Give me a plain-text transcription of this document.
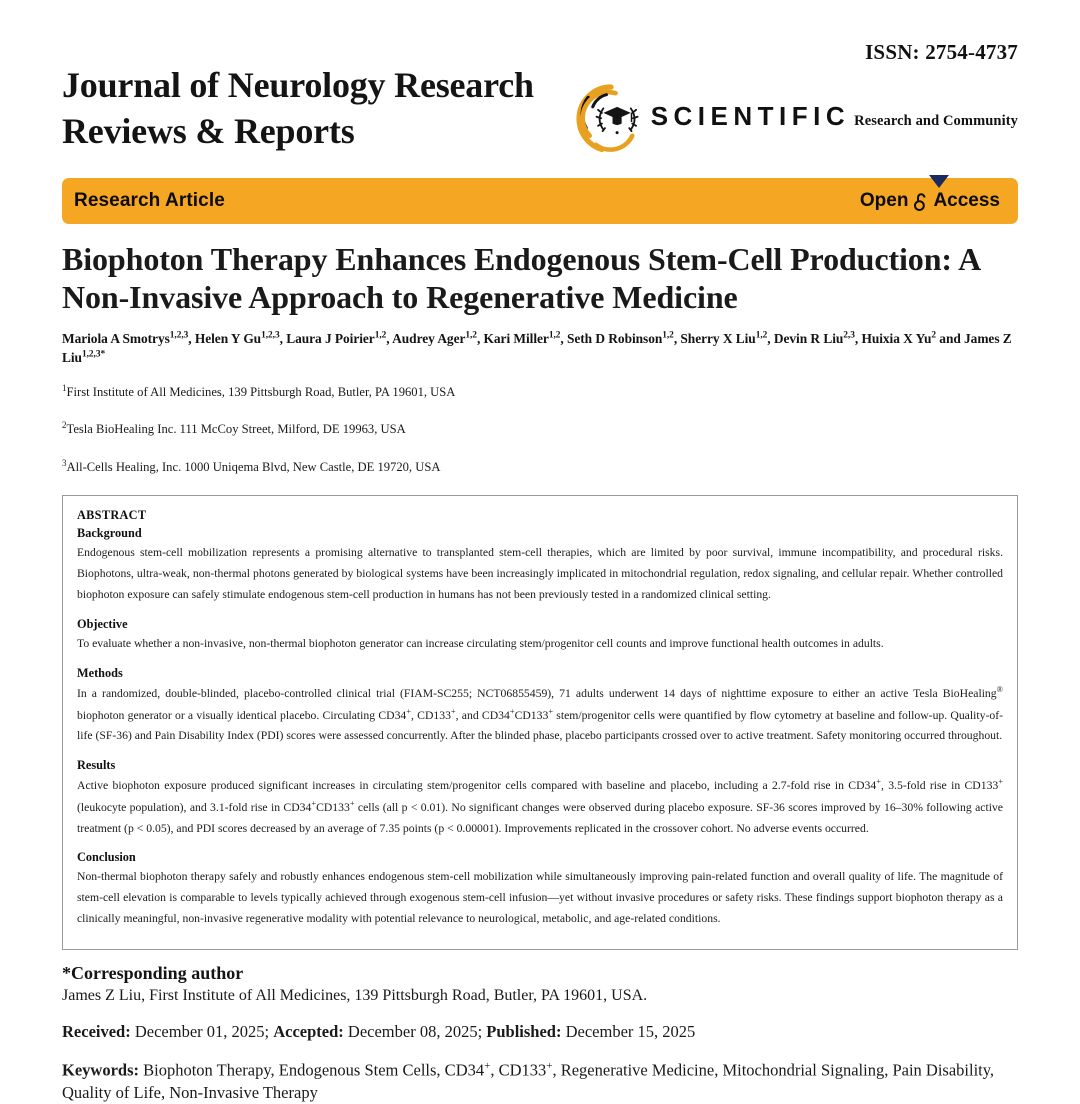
Journal of Neurology Research
Reviews & Reports
ISSN: 2754-4737
SCIENTIFIC Research and Community
Research Article	Open Access
Biophoton Therapy Enhances Endogenous Stem-Cell Production: A Non-Invasive Approach to Regenerative Medicine
Mariola A Smotrys$^{1,2,3}$, Helen Y Gu$^{1,2,3}$, Laura J Poirier$^{1,2}$, Audrey Ager$^{1,2}$, Kari Miller$^{1,2}$, Seth D Robinson$^{1,2}$, Sherry X Liu$^{1,2}$, Devin R Liu$^{2,3}$, Huixia X Yu$^2$ and James Z Liu$^{1,2,3*}$
$^1$First Institute of All Medicines, 139 Pittsburgh Road, Butler, PA 19601, USA
$^2$Tesla BioHealing Inc. 111 McCoy Street, Milford, DE 19963, USA
$^3$All-Cells Healing, Inc. 1000 Uniqema Blvd, New Castle, DE 19720, USA
ABSTRACT
Background
Endogenous stem-cell mobilization represents a promising alternative to transplanted stem-cell therapies, which are limited by poor survival, immune incompatibility, and procedural risks. Biophotons, ultra-weak, non-thermal photons generated by biological systems have been increasingly implicated in mitochondrial regulation, redox signaling, and cellular repair. Whether controlled biophoton exposure can safely stimulate endogenous stem-cell production in humans has not been previously tested in a randomized clinical setting.
Objective
To evaluate whether a non-invasive, non-thermal biophoton generator can increase circulating stem/progenitor cell counts and improve functional health outcomes in adults.
Methods
In a randomized, double-blinded, placebo-controlled clinical trial (FIAM-SC255; NCT06855459), 71 adults underwent 14 days of nighttime exposure to either an active Tesla BioHealing® biophoton generator or a visually identical placebo. Circulating CD34+, CD133+, and CD34+CD133+ stem/progenitor cells were quantified by flow cytometry at baseline and follow-up. Quality-of-life (SF-36) and Pain Disability Index (PDI) scores were assessed concurrently. After the blinded phase, placebo participants crossed over to active treatment. Safety monitoring occurred throughout.
Results
Active biophoton exposure produced significant increases in circulating stem/progenitor cells compared with baseline and placebo, including a 2.7-fold rise in CD34+, 3.5-fold rise in CD133+ (leukocyte population), and 3.1-fold rise in CD34+CD133+ cells (all p < 0.01). No significant changes were observed during placebo exposure. SF-36 scores improved by 16–30% following active treatment (p < 0.05), and PDI scores decreased by an average of 7.35 points (p < 0.00001). Improvements replicated in the crossover cohort. No adverse events occurred.
Conclusion
Non-thermal biophoton therapy safely and robustly enhances endogenous stem-cell mobilization while simultaneously improving pain-related function and overall quality of life. The magnitude of stem-cell elevation is comparable to levels typically achieved through exogenous stem-cell infusion—yet without invasive procedures or safety risks. These findings support biophoton therapy as a clinically meaningful, non-invasive regenerative modality with potential relevance to neurological, metabolic, and age-related conditions.
*Corresponding author
James Z Liu, First Institute of All Medicines, 139 Pittsburgh Road, Butler, PA 19601, USA.
Received: December 01, 2025; Accepted: December 08, 2025; Published: December 15, 2025
Keywords: Biophoton Therapy, Endogenous Stem Cells, CD34+, CD133+, Regenerative Medicine, Mitochondrial Signaling, Pain Disability, Quality of Life, Non-Invasive Therapy
